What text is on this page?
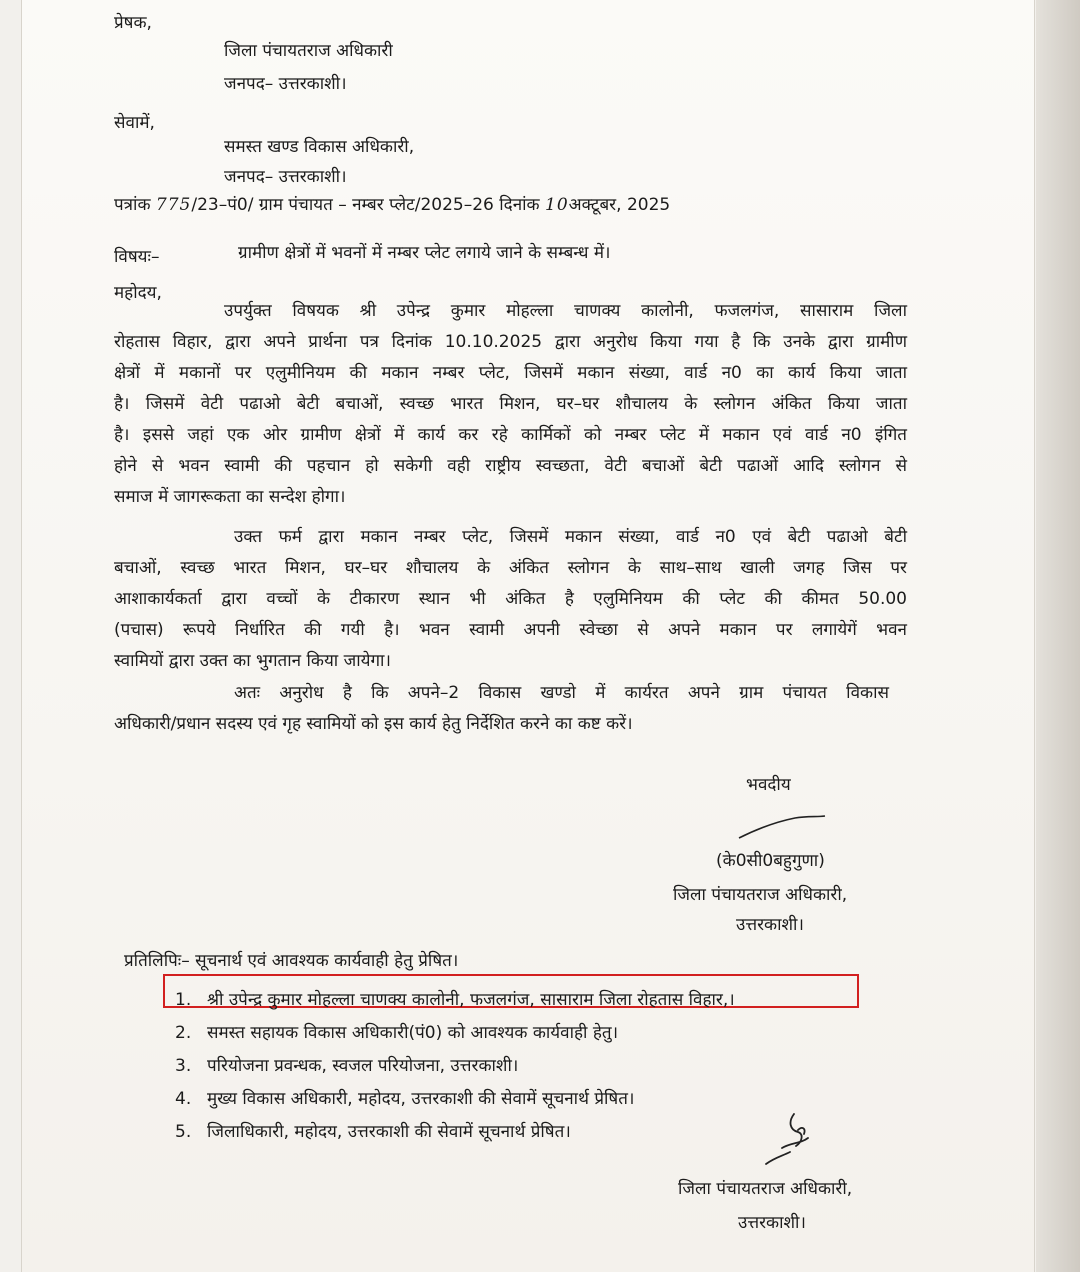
प्रेषक,
जिला पंचायतराज अधिकारी
जनपद– उत्तरकाशी।
सेवामें,
समस्त खण्ड विकास अधिकारी,
जनपद– उत्तरकाशी।
पत्रांक 775/23–पं0/ ग्राम पंचायत – नम्बर प्लेट/2025–26 दिनांक 10अक्टूबर, 2025
विषयः–	ग्रामीण क्षेत्रों में भवनों में नम्बर प्लेट लगाये जाने के सम्बन्ध में।
महोदय,
उपर्युक्त विषयक श्री उपेन्द्र कुमार मोहल्ला चाणक्य कालोनी, फजलगंज, सासाराम जिला
रोहतास विहार, द्वारा अपने प्रार्थना पत्र दिनांक 10.10.2025 द्वारा अनुरोध किया गया है कि उनके द्वारा ग्रामीण
क्षेत्रों में मकानों पर एलुमीनियम की मकान नम्बर प्लेट, जिसमें मकान संख्या, वार्ड न0 का कार्य किया जाता
है। जिसमें वेटी पढाओ बेटी बचाओं, स्वच्छ भारत मिशन, घर–घर शौचालय के स्लोगन अंकित किया जाता
है। इससे जहां एक ओर ग्रामीण क्षेत्रों में कार्य कर रहे कार्मिकों को नम्बर प्लेट में मकान एवं वार्ड न0 इंगित
होने से भवन स्वामी की पहचान हो सकेगी वही राष्ट्रीय स्वच्छता, वेटी बचाओं बेटी पढाओं आदि स्लोगन से
समाज में जागरूकता का सन्देश होगा।
उक्त फर्म द्वारा मकान नम्बर प्लेट, जिसमें मकान संख्या, वार्ड न0 एवं बेटी पढाओ बेटी
बचाओं, स्वच्छ भारत मिशन, घर–घर शौचालय के अंकित स्लोगन के साथ–साथ खाली जगह जिस पर
आशाकार्यकर्ता द्वारा वच्चों के टीकारण स्थान भी अंकित है एलुमिनियम की प्लेट की कीमत 50.00
(पचास) रूपये निर्धारित की गयी है। भवन स्वामी अपनी स्वेच्छा से अपने मकान पर लगायेगें भवन
स्वामियों द्वारा उक्त का भुगतान किया जायेगा।
अतः अनुरोध है कि अपने–2 विकास खण्डो में कार्यरत अपने ग्राम पंचायत विकास
अधिकारी/प्रधान सदस्य एवं गृह स्वामियों को इस कार्य हेतु निर्देशित करने का कष्ट करें।
भवदीय
(के0सी0बहुगुणा)
जिला पंचायतराज अधिकारी,
उत्तरकाशी।
प्रतिलिपिः– सूचनार्थ एवं आवश्यक कार्यवाही हेतु प्रेषित।
1. श्री उपेन्द्र कुमार मोहल्ला चाणक्य कालोनी, फजलगंज, सासाराम जिला रोहतास विहार,।
2. समस्त सहायक विकास अधिकारी(पं0) को आवश्यक कार्यवाही हेतु।
3. परियोजना प्रवन्धक, स्वजल परियोजना, उत्तरकाशी।
4. मुख्य विकास अधिकारी, महोदय, उत्तरकाशी की सेवामें सूचनार्थ प्रेषित।
5. जिलाधिकारी, महोदय, उत्तरकाशी की सेवामें सूचनार्थ प्रेषित।
जिला पंचायतराज अधिकारी,
उत्तरकाशी।
